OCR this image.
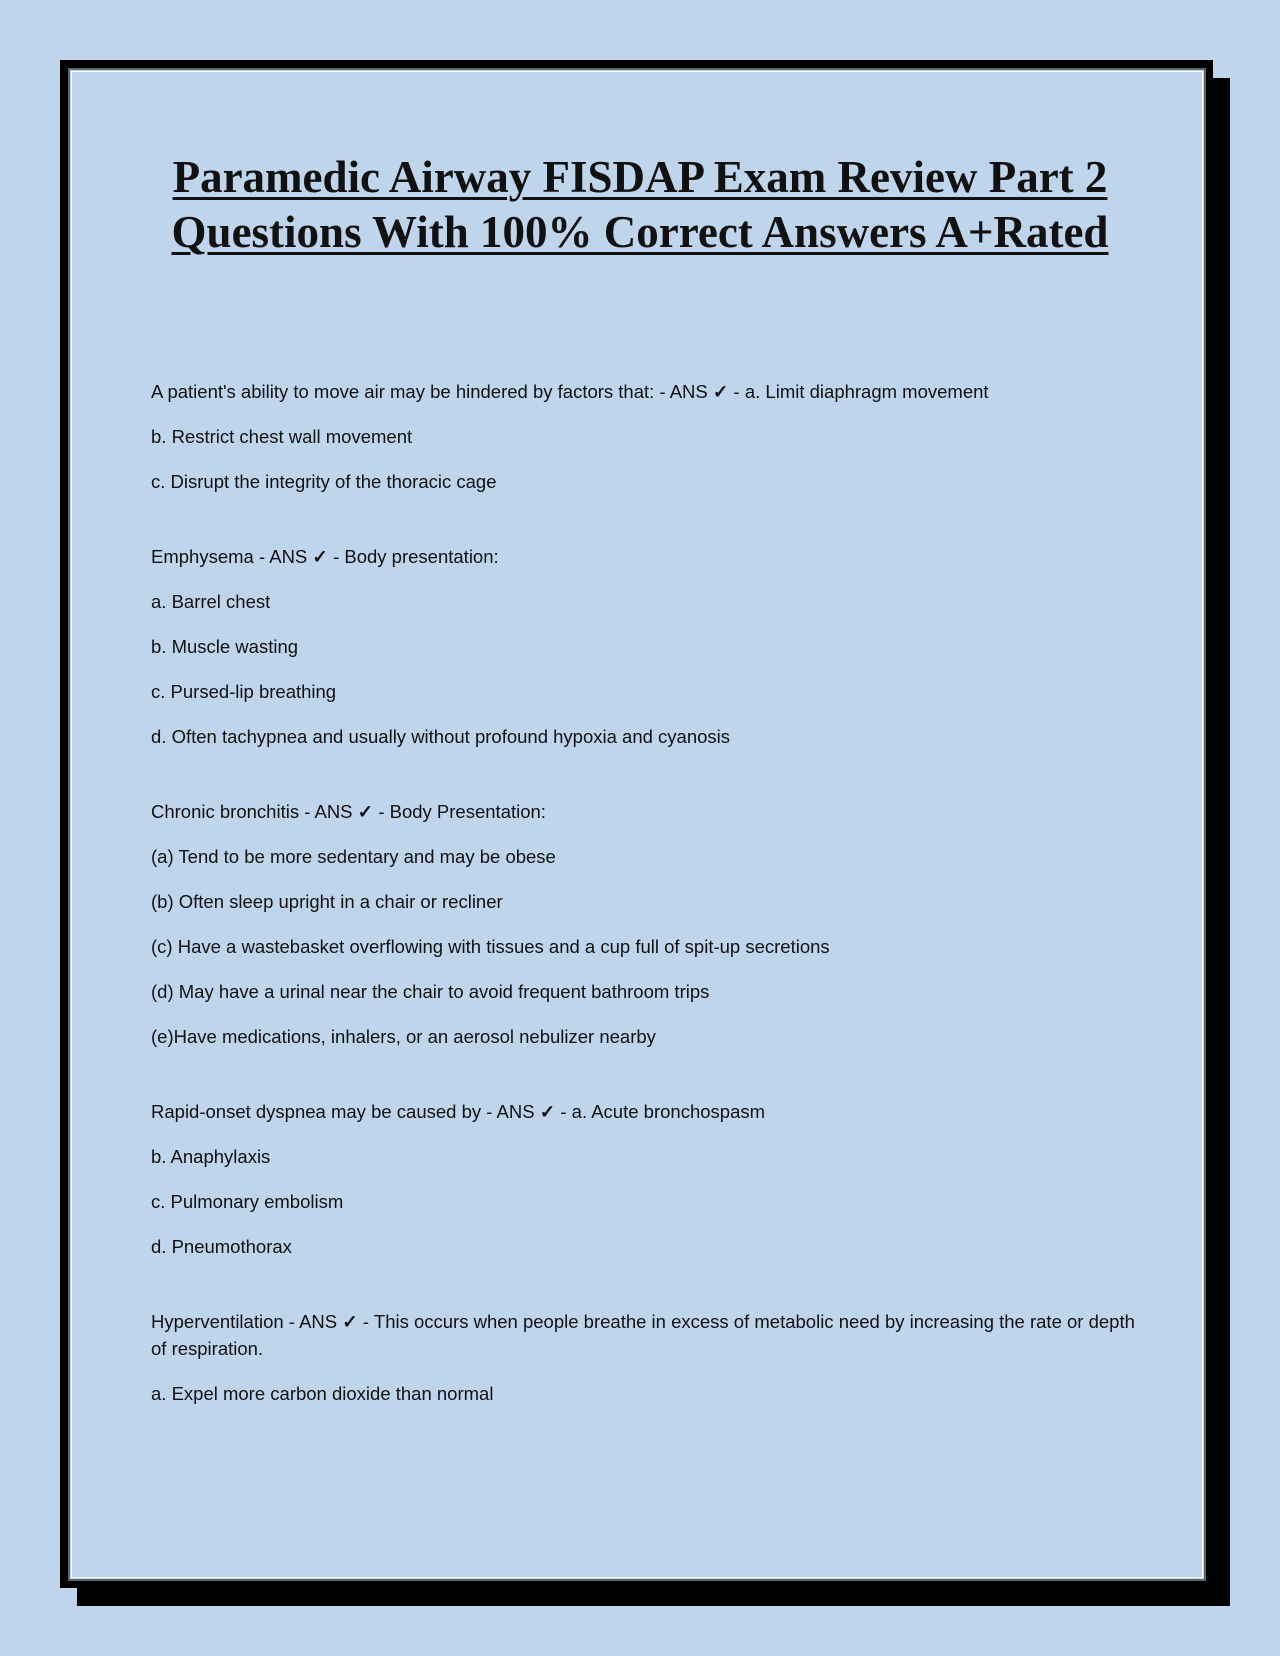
Paramedic Airway FISDAP Exam Review Part 2 Questions With 100% Correct Answers A+Rated

A patient's ability to move air may be hindered by factors that: - ANS ✓ - a. Limit diaphragm movement

b. Restrict chest wall movement

c. Disrupt the integrity of the thoracic cage

Emphysema - ANS ✓ - Body presentation:

a. Barrel chest

b. Muscle wasting

c. Pursed-lip breathing

d. Often tachypnea and usually without profound hypoxia and cyanosis

Chronic bronchitis - ANS ✓ - Body Presentation:

(a) Tend to be more sedentary and may be obese

(b) Often sleep upright in a chair or recliner

(c) Have a wastebasket overflowing with tissues and a cup full of spit-up secretions

(d) May have a urinal near the chair to avoid frequent bathroom trips

(e)Have medications, inhalers, or an aerosol nebulizer nearby

Rapid-onset dyspnea may be caused by - ANS ✓ - a. Acute bronchospasm

b. Anaphylaxis

c. Pulmonary embolism

d. Pneumothorax

Hyperventilation - ANS ✓ - This occurs when people breathe in excess of metabolic need by increasing the rate or depth of respiration.

a. Expel more carbon dioxide than normal
